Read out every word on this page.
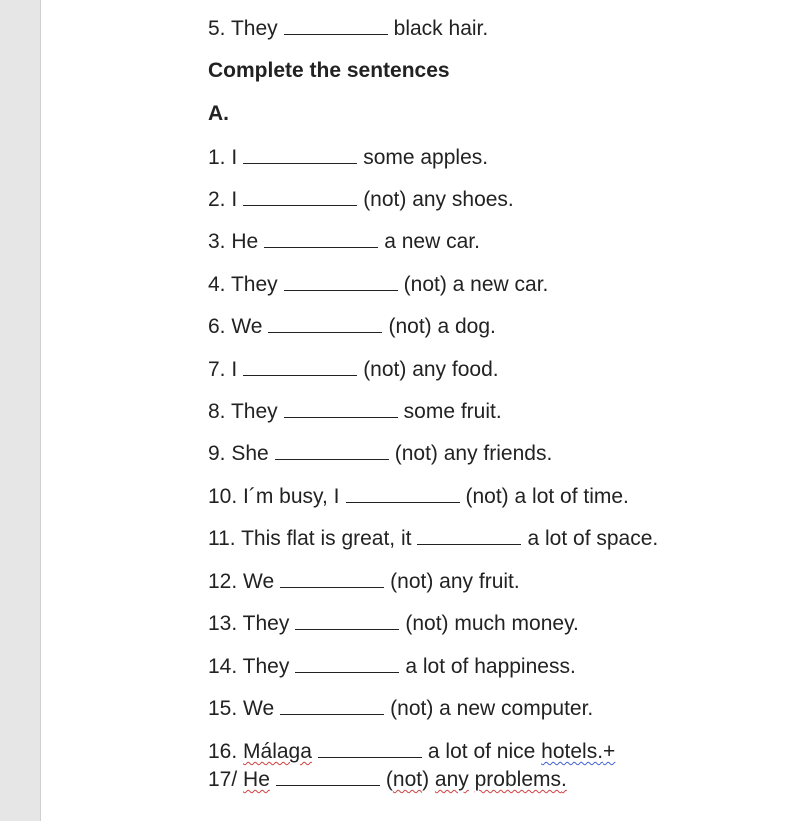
5. They	black hair.
Complete the sentences
A.
1. I	some apples.
2. I	(not) any shoes.
3. He	a new car.
4. They	(not) a new car.
6. We	(not) a dog.
7. I	(not) any food.
8. They	some fruit.
9. She	(not) any friends.
10. I´m busy, I	(not) a lot of time.
11. This flat is great, it	a lot of space.
12. We	(not) any fruit.
13. They	(not) much money.
14. They	a lot of happiness.
15. We	(not) a new computer.
16. Málaga	a lot of nice hotels.+
17/ He	(not) any problems.
